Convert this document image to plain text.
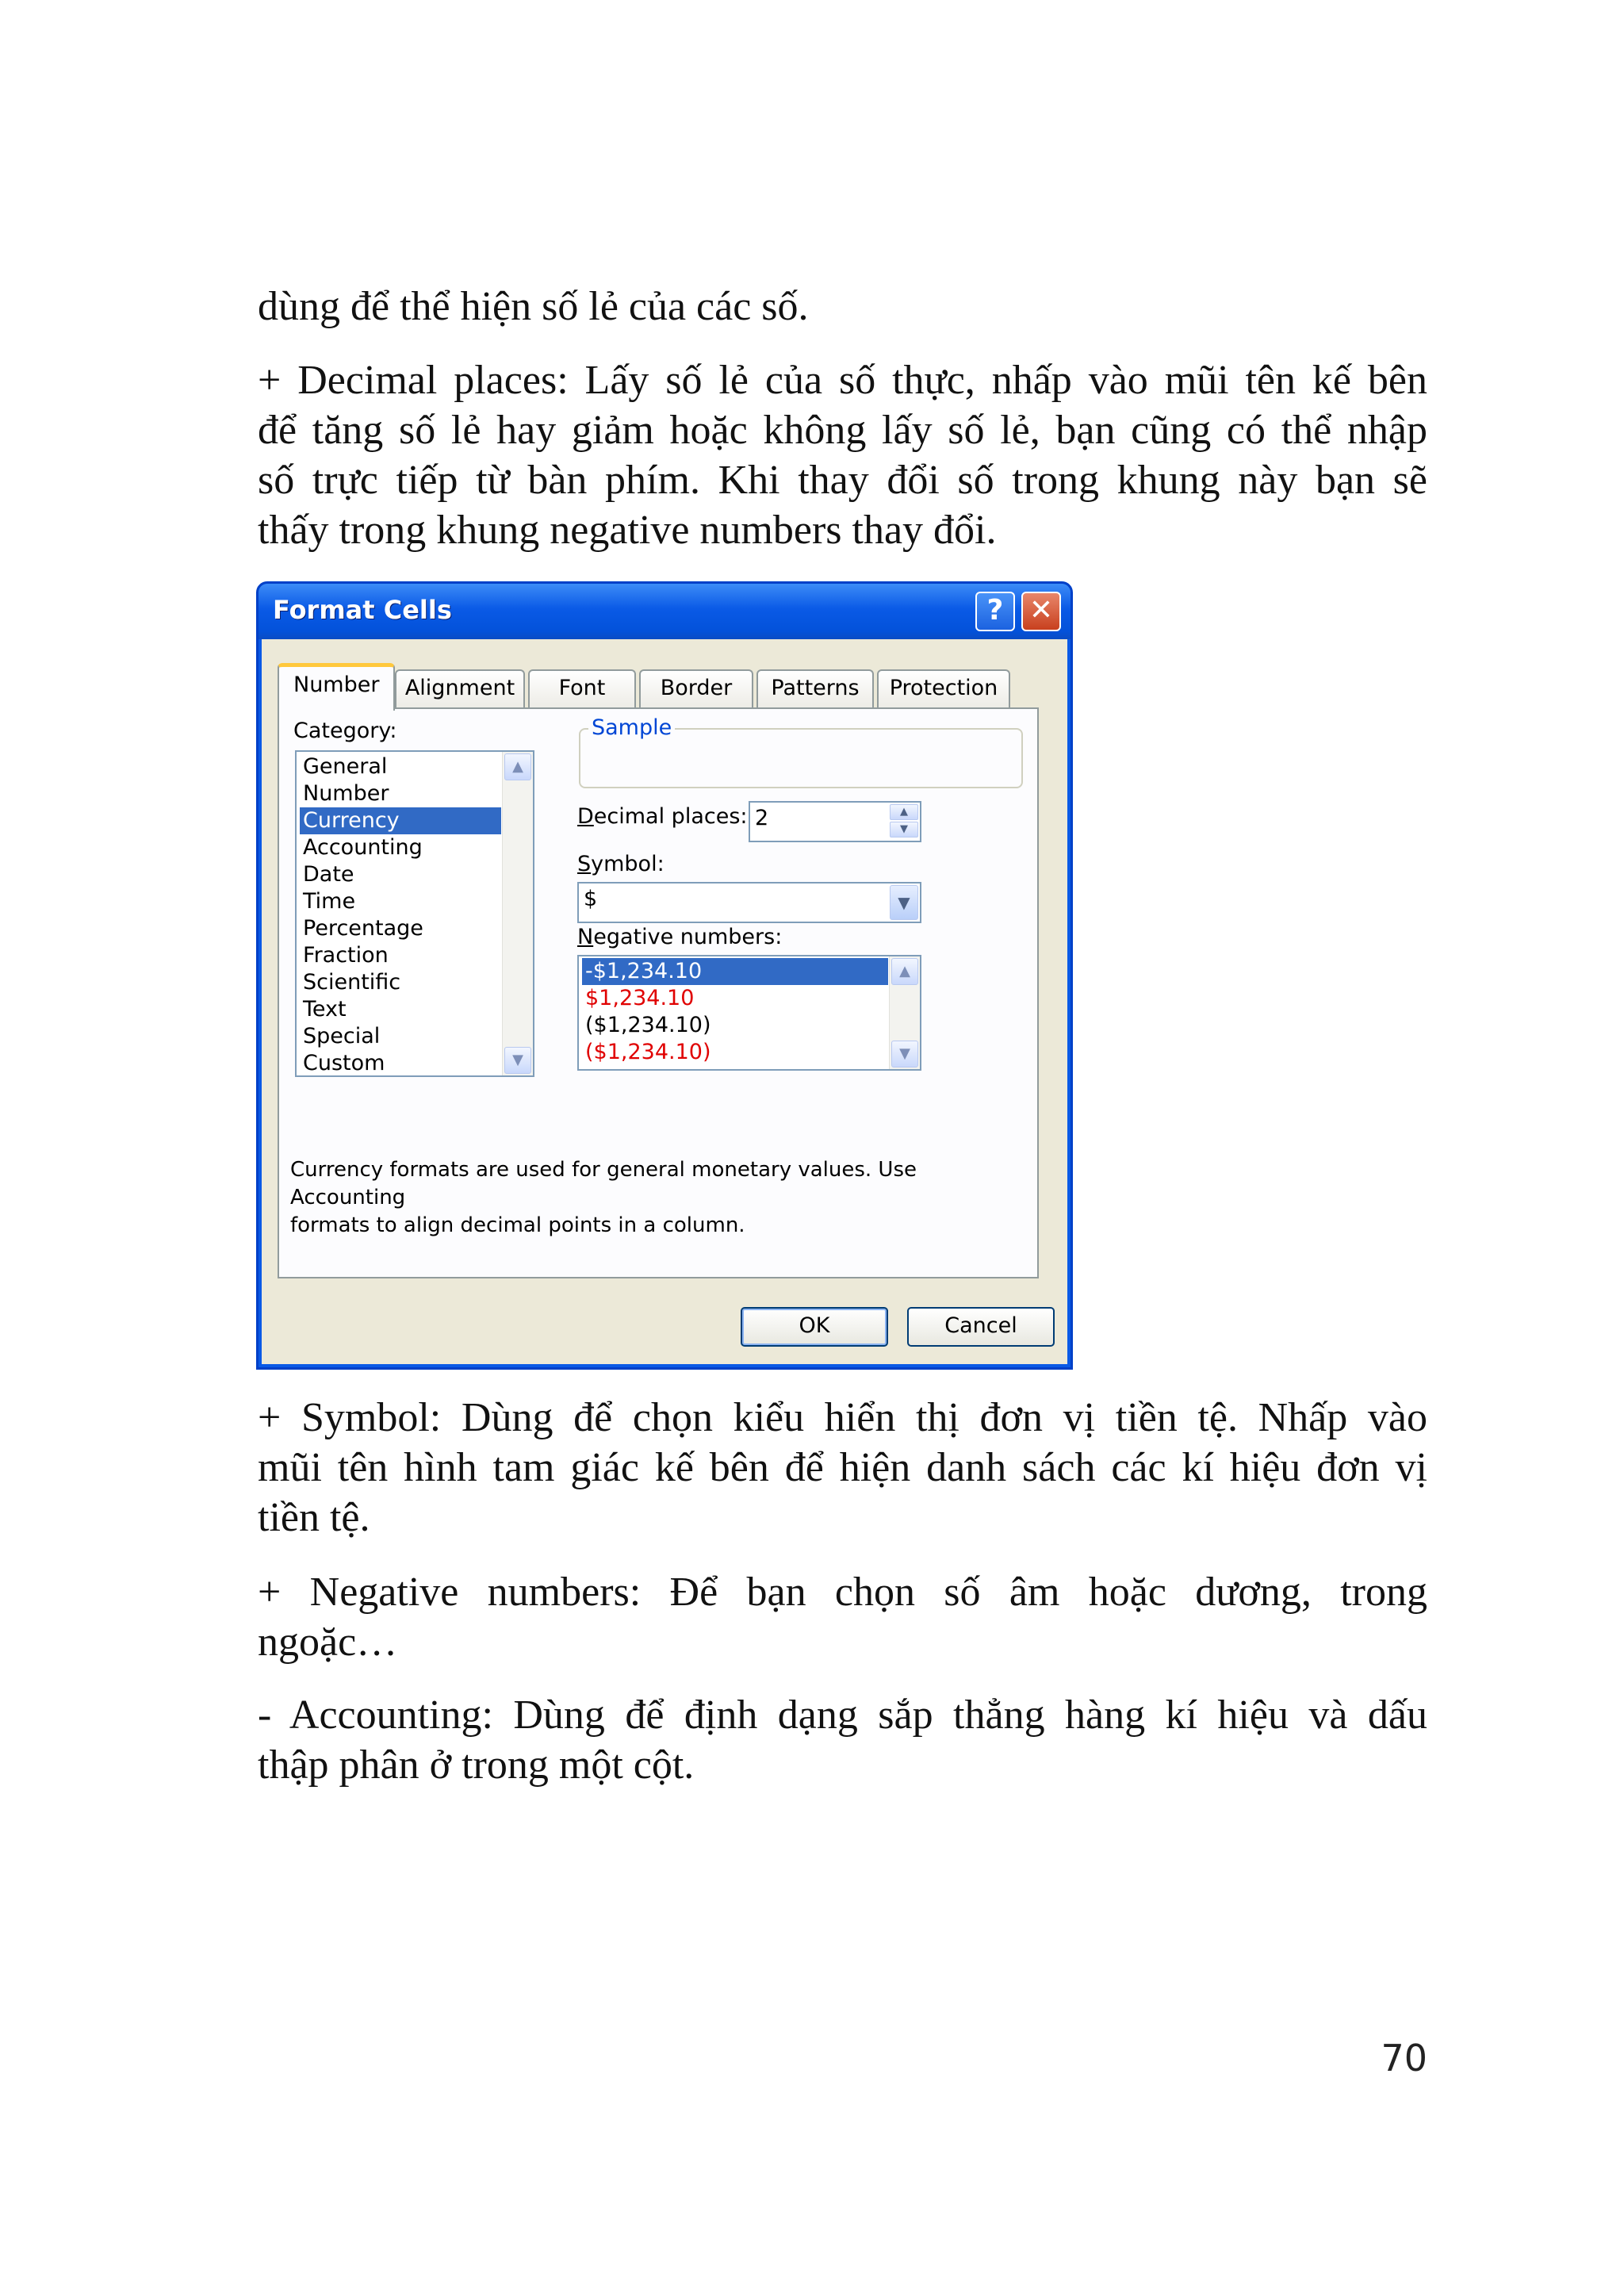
dùng để thể hiện số lẻ của các số.

+ Decimal places: Lấy số lẻ của số thực, nhấp vào mũi tên kế bên
để tăng số lẻ hay giảm hoặc không lấy số lẻ, bạn cũng có thể nhập
số trực tiếp từ bàn phím. Khi thay đổi số trong khung này bạn sẽ
thấy trong khung negative numbers thay đổi.

Format Cells	? ✕
Number	Alignment	Font	Border	Patterns	Protection
Category:
General
Number
Currency
Accounting
Date
Time
Percentage
Fraction
Scientific
Text
Special
Custom
▲
▼
Sample
Decimal places: 2	▲
▼
Symbol:
$	▼
Negative numbers:
-$1,234.10
$1,234.10
($1,234.10)
($1,234.10)
▲
▼
Currency formats are used for general monetary values. Use Accounting
formats to align decimal points in a column.
OK	Cancel

+ Symbol: Dùng để chọn kiểu hiển thị đơn vị tiền tệ. Nhấp vào
mũi tên hình tam giác kế bên để hiện danh sách các kí hiệu đơn vị
tiền tệ.

+ Negative numbers: Để bạn chọn số âm hoặc dương, trong
ngoặc…

- Accounting: Dùng để định dạng sắp thẳng hàng kí hiệu và dấu
thập phân ở trong một cột.

70
